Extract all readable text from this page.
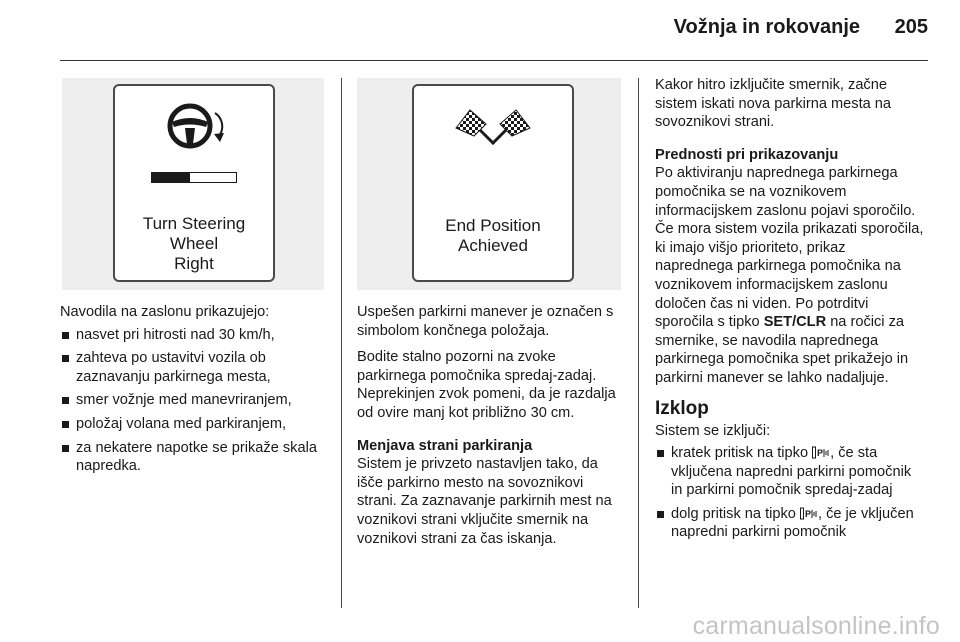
Vožnja in rokovanje	205
Turn Steering
Wheel
Right
End Position
Achieved

Navodila na zaslonu prikazujejo:

nasvet pri hitrosti nad 30 km/h,
zahteva po ustavitvi vozila ob zaznavanju parkirnega mesta,
smer vožnje med manevriranjem,
položaj volana med parkiranjem,
za nekatere napotke se prikaže skala napredka.

Uspešen parkirni manever je označen s simbolom končnega položaja.

Bodite stalno pozorni na zvoke parkirnega pomočnika spredaj-zadaj. Neprekinjen zvok pomeni, da je razdalja od ovire manj kot približno 30 cm.

Menjava strani parkiranja

Sistem je privzeto nastavljen tako, da išče parkirno mesto na sovoznikovi strani. Za zaznavanje parkirnih mest na voznikovi strani vključite smernik na voznikovi strani za čas iskanja.

Kakor hitro izključite smernik, začne sistem iskati nova parkirna mesta na sovoznikovi strani.

Prednosti pri prikazovanju

Po aktiviranju naprednega parkirnega pomočnika se na voznikovem informacijskem zaslonu pojavi sporočilo. Če mora sistem vozila prikazati sporočila, ki imajo višjo prioriteto, prikaz naprednega parkirnega pomočnika na voznikovem informacijskem zaslonu določen čas ni viden. Po potrditvi sporočila s tipko SET/CLR na ročici za smernike, se navodila naprednega parkirnega pomočnika spet prikažejo in parkirni manever se lahko nadaljuje.

Izklop

Sistem se izključi:

kratek pritisk na tipko P , če sta vključena napredni parkirni pomočnik in parkirni pomočnik spredaj-zadaj
dolg pritisk na tipko P , če je vključen napredni parkirni pomočnik
carmanualsonline.info
